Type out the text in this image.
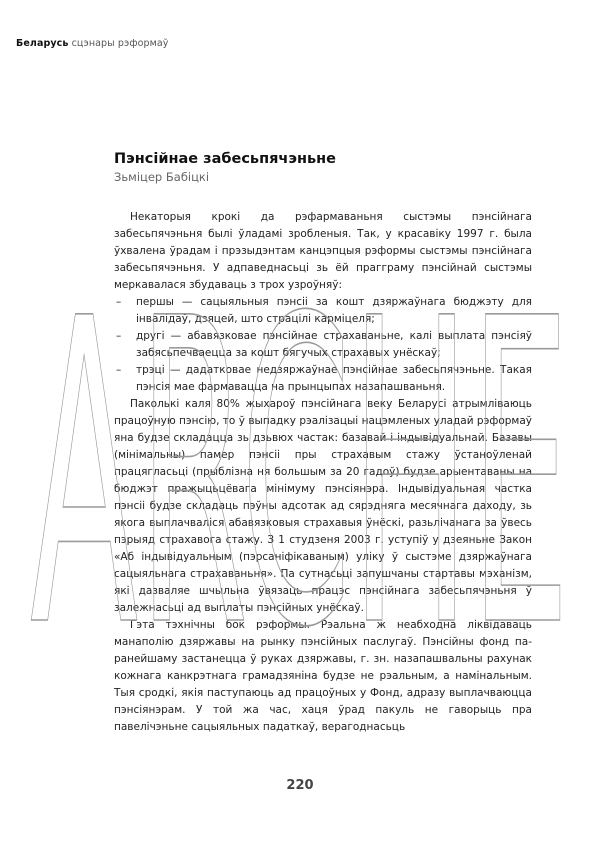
Беларусь сцэнары рэформаў
Пэнсійнае забесьпячэньне
Зьміцер Бабіцкі

Некаторыя крокі да рэфармаваньня сыстэмы пэнсійнага забесьпячэньня былі ўладамі зробленыя. Так, у красавіку 1997 г. была ўхвалена ўрадам і прэзыдэнтам канцэпцыя рэформы сыстэмы пэнсійнага забесьпячэньня. У адпаведнасьці зь ёй прагграму пэнсійнай сыстэмы меркавалася збудаваць з трох узроўняў:

– першы — сацыяльныя пэнсіі за кошт дзяржаўнага бюджэту для інвалідаў, дзяцей, што страцілі карміцеля;
– другі — абавязковае пэнсійнае страхаваньне, калі выплата пэнсіяў забясьпечваецца за кошт бягучых страхавых унёскаў;
– трэці — дадатковае недзяржаўнае пэнсійнае забесьпячэньне. Такая пэнсія мае фармавацца на прынцыпах назапашваньня.

Паколькі каля 80% жыхароў пэнсійнага веку Беларусі атрымліваюць працоўную пэнсію, то ў выпадку рэалізацыі нацэмленых уладай рэформаў яна будзе складацца зь дзьвюх частак: базавай і індывідуальнай. Базавы (мінімальны) памер пэнсіі пры страхавым стажу ўстаноўленай працягласьці (прыблізна ня большым за 20 гадоў) будзе арыентаваны на бюджэт пражыцьцёвага мінімуму пэнсіянэра. Індывідуальная частка пэнсіі будзе складаць пэўны адсотак ад сярэдняга месячнага даходу, зь якога выплачваліся абавязковыя страхавыя ўнёскі, разьлічанага за ўвесь пэрыяд страхавога стажу. З 1 студзеня 2003 г. уступіў у дзеяньне Закон «Аб індывідуальным (пэрсаніфікаваным) уліку ў сыстэме дзяржаўнага сацыяльнага страхаваньня». Па сутнасьці запушчаны стартавы мэханізм, які дазваляе шчыльна ўвязаць працэс пэнсійнага забесьпячэньня ў залежнасьці ад выплаты пэнсійных унёскаў.

Гэта тэхнічны бок рэформы. Рэальна ж неабходна ліквідаваць манаполію дзяржавы на рынку пэнсійных паслугаў. Пэнсійны фонд па-ранейшаму застанецца ў руках дзяржавы, г. зн. назапашвальны рахунак кожнага канкрэтнага грамадзяніна будзе не рэальным, а намінальным. Тыя сродкі, якія паступаюць ад працоўных у Фонд, адразу выплачваюцца пэнсіянэрам. У той жа час, хаця ўрад пакуль не гаворыць пра павелічэньне сацыяльных падаткаў, верагоднасьць

ARCHE
220
